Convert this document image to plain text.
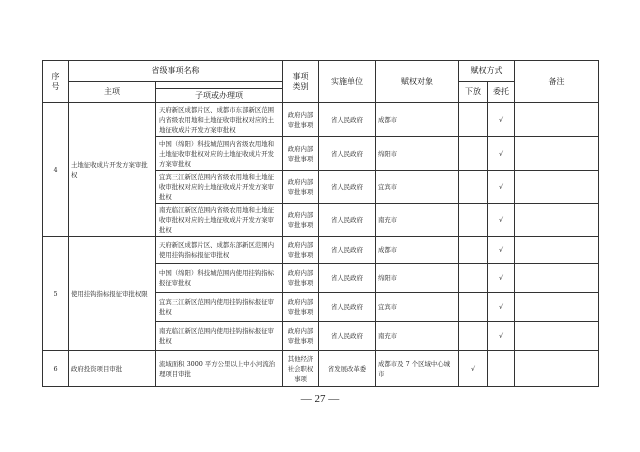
序号	省级事项名称		事项类别	实施单位	赋权对象	赋权方式		备注
	主项					下放	委托	
		子项或办理项						
4	土地征收成片开发方案审批权	天府新区成都片区、成都市东部新区范围内省级农用地和土地征收审批权对应的土地征收成片开发方案审批权	政府内部审批事项	省人民政府	成都市		√	
		中国（绵阳）科技城范围内省级农用地和土地征收审批权对应的土地征收成片开发方案审批权	政府内部审批事项	省人民政府	绵阳市		√	
		宜宾三江新区范围内省级农用地和土地征收审批权对应的土地征收成片开发方案审批权	政府内部审批事项	省人民政府	宜宾市		√	
		南充临江新区范围内省级农用地和土地征收审批权对应的土地征收成片开发方案审批权	政府内部审批事项	省人民政府	南充市		√	
5	使用挂钩指标报征审批权限	天府新区成都片区、成都东部新区范围内使用挂钩指标报征审批权	政府内部审批事项	省人民政府	成都市		√	
		中国（绵阳）科技城范围内使用挂钩指标报征审批权	政府内部审批事项	省人民政府	绵阳市		√	
		宜宾三江新区范围内使用挂钩指标报征审批权	政府内部审批事项	省人民政府	宜宾市		√	
		南充临江新区范围内使用挂钩指标报征审批权	政府内部审批事项	省人民政府	南充市		√	
6	政府投资项目审批	流域面积 3000 平方公里以上中小河流治理项目审批	其他经济社会职权事项	省发展改革委	成都市及 7 个区域中心城市	√		
— 27 —
